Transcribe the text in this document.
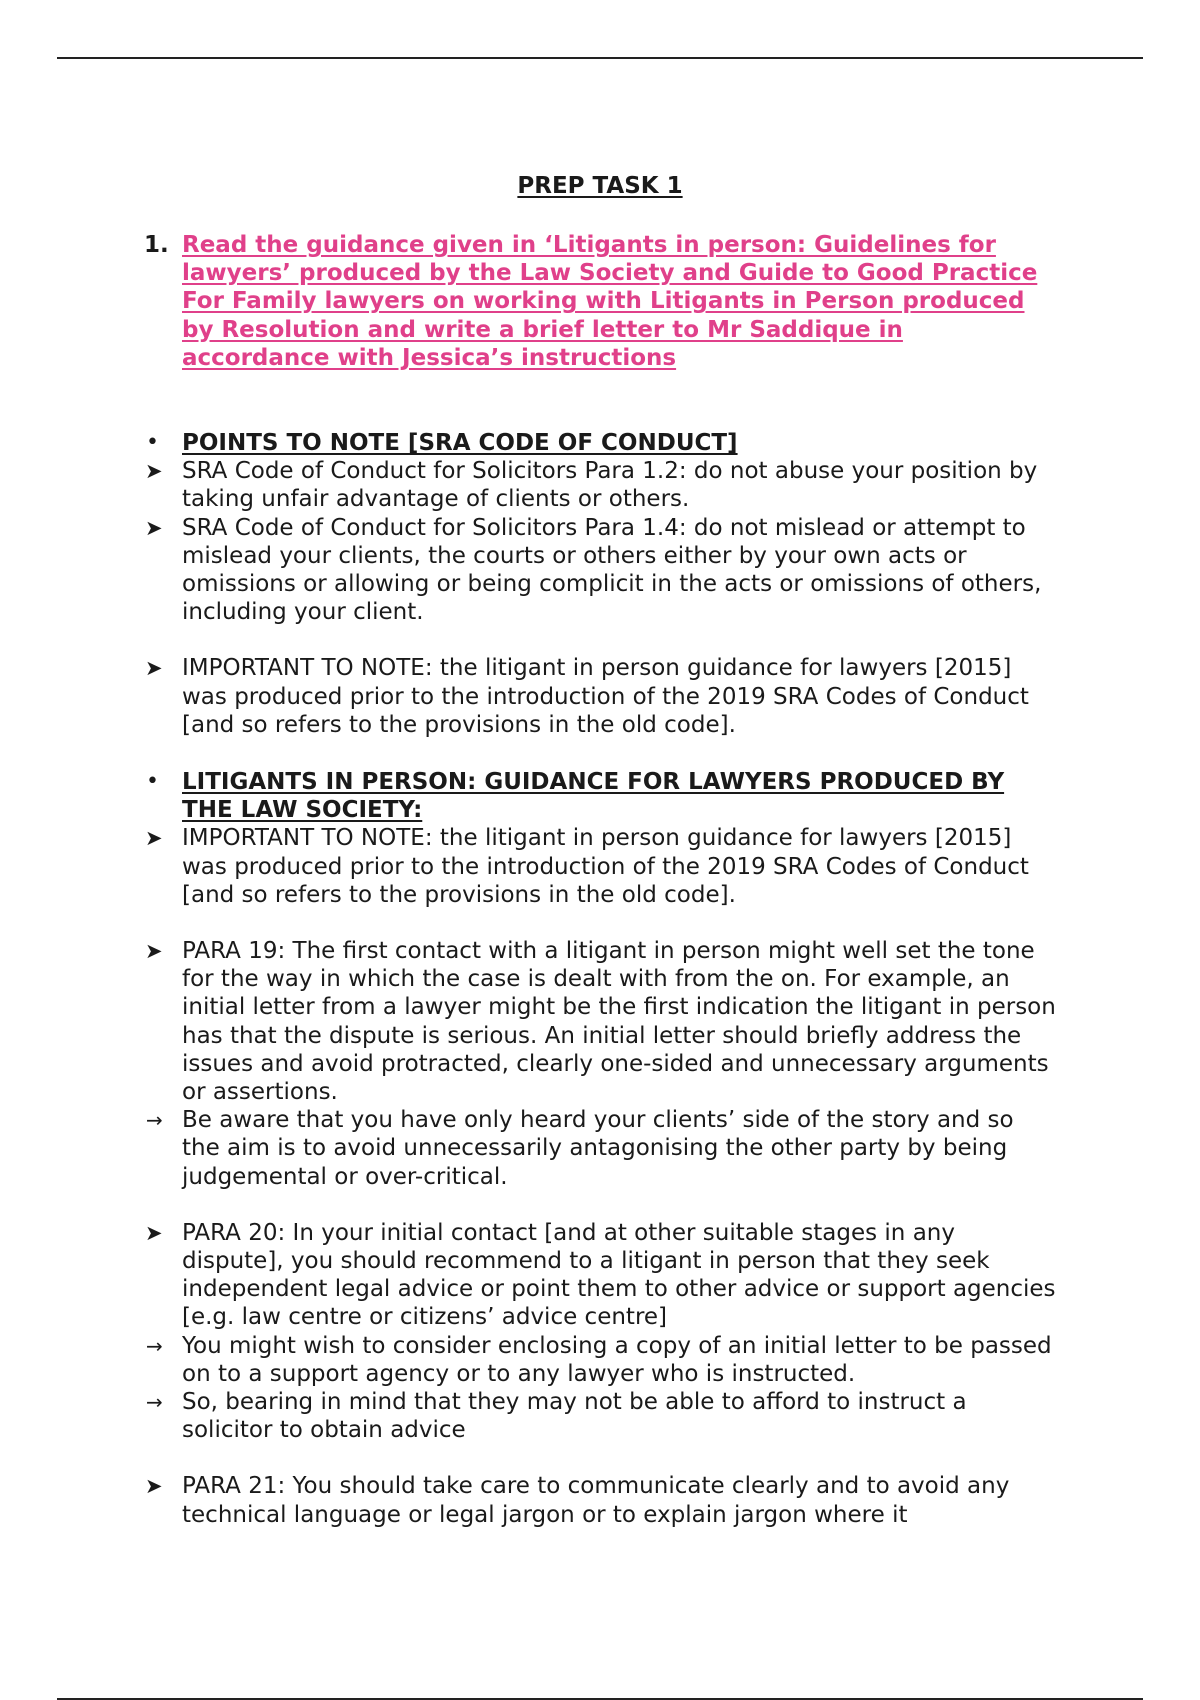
PREP TASK 1
1. Read the guidance given in ‘Litigants in person: Guidelines for lawyers’ produced by the Law Society and Guide to Good Practice For Family lawyers on working with Litigants in Person produced by Resolution and write a brief letter to Mr Saddique in accordance with Jessica’s instructions
•	POINTS TO NOTE [SRA CODE OF CONDUCT]
➤ SRA Code of Conduct for Solicitors Para 1.2: do not abuse your position by taking unfair advantage of clients or others.
➤ SRA Code of Conduct for Solicitors Para 1.4: do not mislead or attempt to mislead your clients, the courts or others either by your own acts or omissions or allowing or being complicit in the acts or omissions of others, including your client.
➤ IMPORTANT TO NOTE: the litigant in person guidance for lawyers [2015] was produced prior to the introduction of the 2019 SRA Codes of Conduct [and so refers to the provisions in the old code].
•	LITIGANTS IN PERSON: GUIDANCE FOR LAWYERS PRODUCED BY THE LAW SOCIETY:
➤ IMPORTANT TO NOTE: the litigant in person guidance for lawyers [2015] was produced prior to the introduction of the 2019 SRA Codes of Conduct [and so refers to the provisions in the old code].
➤ PARA 19: The first contact with a litigant in person might well set the tone for the way in which the case is dealt with from the on. For example, an initial letter from a lawyer might be the first indication the litigant in person has that the dispute is serious. An initial letter should briefly address the issues and avoid protracted, clearly one-sided and unnecessary arguments or assertions.
→ Be aware that you have only heard your clients’ side of the story and so the aim is to avoid unnecessarily antagonising the other party by being judgemental or over-critical.
➤ PARA 20: In your initial contact [and at other suitable stages in any dispute], you should recommend to a litigant in person that they seek independent legal advice or point them to other advice or support agencies [e.g. law centre or citizens’ advice centre]
→ You might wish to consider enclosing a copy of an initial letter to be passed on to a support agency or to any lawyer who is instructed.
→ So, bearing in mind that they may not be able to afford to instruct a solicitor to obtain advice
➤ PARA 21: You should take care to communicate clearly and to avoid any technical language or legal jargon or to explain jargon where it
